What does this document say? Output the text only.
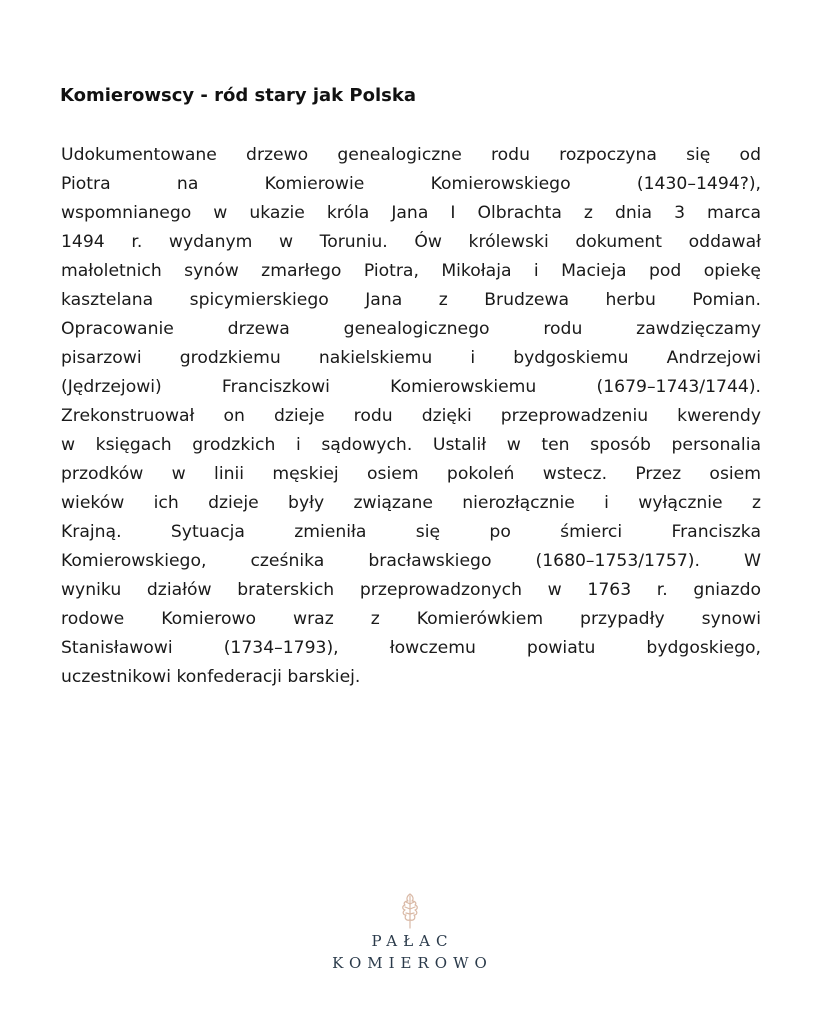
Komierowscy - ród stary jak Polska

Udokumentowane drzewo genealogiczne rodu rozpoczyna się od
Piotra na Komierowie Komierowskiego (1430–1494?),
wspomnianego w ukazie króla Jana I Olbrachta z dnia 3 marca
1494 r. wydanym w Toruniu. Ów królewski dokument oddawał
małoletnich synów zmarłego Piotra, Mikołaja i Macieja pod opiekę
kasztelana spicymierskiego Jana z Brudzewa herbu Pomian.
Opracowanie drzewa genealogicznego rodu zawdzięczamy
pisarzowi grodzkiemu nakielskiemu i bydgoskiemu Andrzejowi
(Jędrzejowi) Franciszkowi Komierowskiemu (1679–1743/1744).
Zrekonstruował on dzieje rodu dzięki przeprowadzeniu kwerendy
w księgach grodzkich i sądowych. Ustalił w ten sposób personalia
przodków w linii męskiej osiem pokoleń wstecz. Przez osiem
wieków ich dzieje były związane nierozłącznie i wyłącznie z
Krajną. Sytuacja zmieniła się po śmierci Franciszka
Komierowskiego, cześnika bracławskiego (1680–1753/1757). W
wyniku działów braterskich przeprowadzonych w 1763 r. gniazdo
rodowe Komierowo wraz z Komierówkiem przypadły synowi
Stanisławowi (1734–1793), łowczemu powiatu bydgoskiego,
uczestnikowi konfederacji barskiej.

PAŁAC
KOMIEROWO
